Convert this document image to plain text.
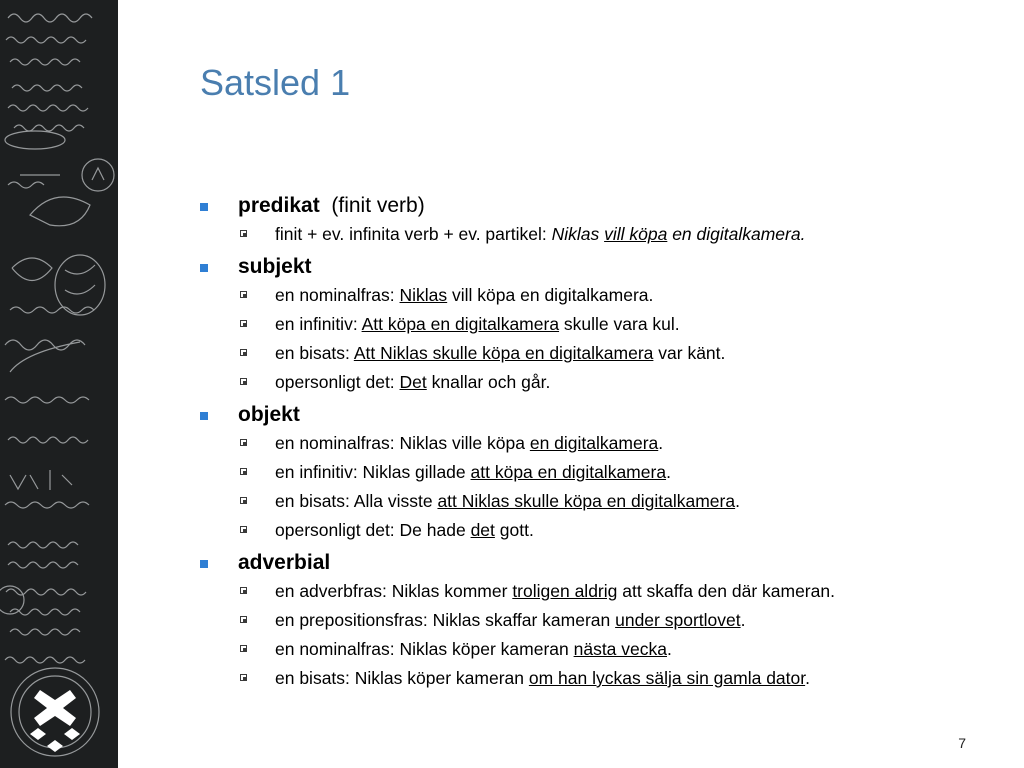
Satsled 1
predikat (finit verb)
finit + ev. infinita verb + ev. partikel: Niklas vill köpa en digitalkamera.
subjekt
en nominalfras: Niklas vill köpa en digitalkamera.
en infinitiv: Att köpa en digitalkamera skulle vara kul.
en bisats: Att Niklas skulle köpa en digitalkamera var känt.
opersonligt det: Det knallar och går.
objekt
en nominalfras: Niklas ville köpa en digitalkamera.
en infinitiv: Niklas gillade att köpa en digitalkamera.
en bisats: Alla visste att Niklas skulle köpa en digitalkamera.
opersonligt det: De hade det gott.
adverbial
en adverbfras: Niklas kommer troligen aldrig att skaffa den där kameran.
en prepositionsfras: Niklas skaffar kameran under sportlovet.
en nominalfras: Niklas köper kameran nästa vecka.
en bisats: Niklas köper kameran om han lyckas sälja sin gamla dator.
7
